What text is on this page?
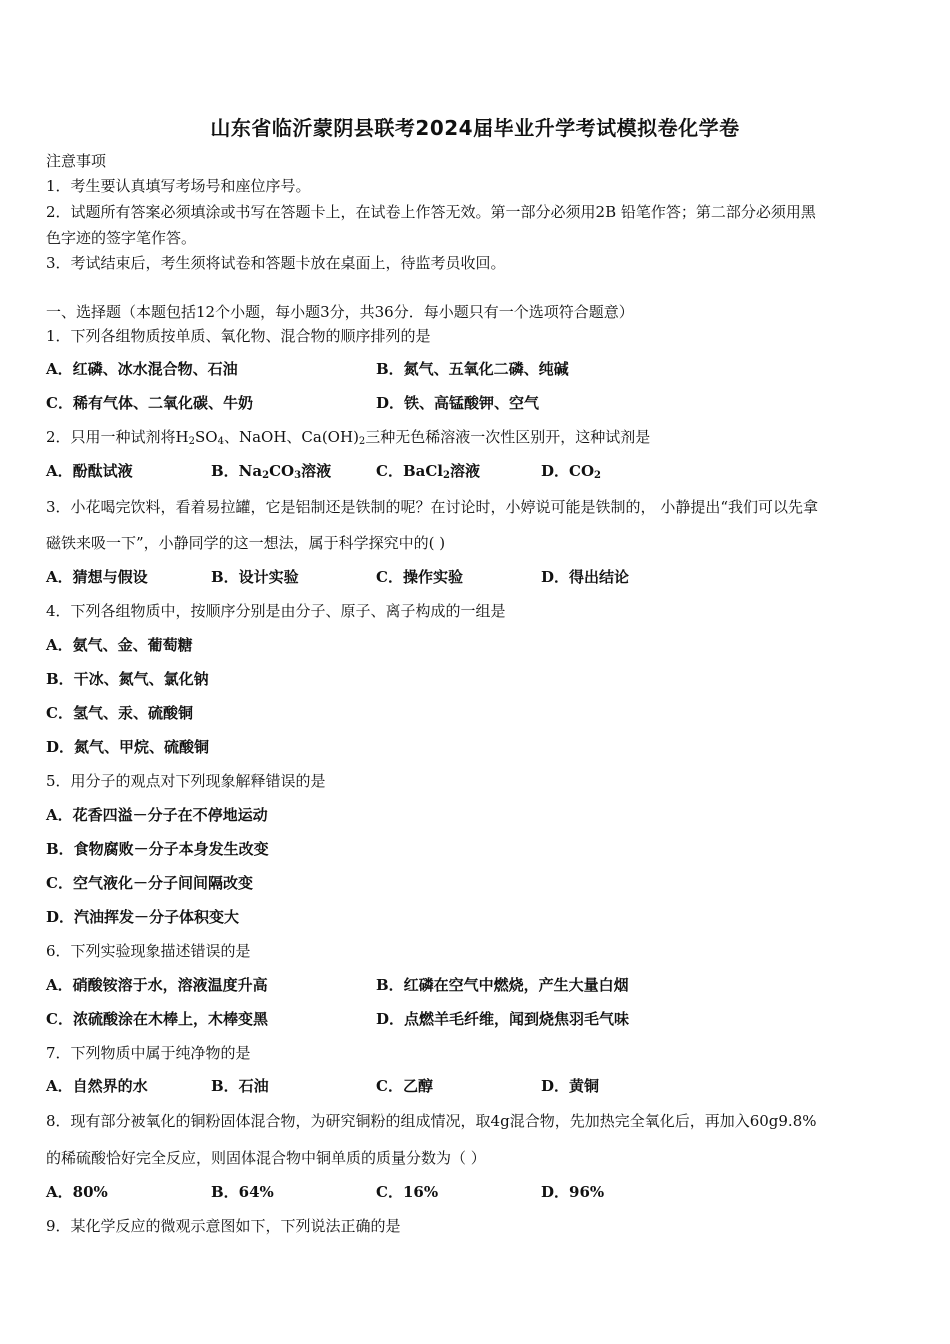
山东省临沂蒙阴县联考2024届毕业升学考试模拟卷化学卷
注意事项
1．考生要认真填写考场号和座位序号。
2．试题所有答案必须填涂或书写在答题卡上，在试卷上作答无效。第一部分必须用2B 铅笔作答；第二部分必须用黑
色字迹的签字笔作答。
3．考试结束后，考生须将试卷和答题卡放在桌面上，待监考员收回。
一、选择题（本题包括12个小题，每小题3分，共36分．每小题只有一个选项符合题意）
1．下列各组物质按单质、氧化物、混合物的顺序排列的是
A．红磷、冰水混合物、石油	B．氮气、五氧化二磷、纯碱
C．稀有气体、二氧化碳、牛奶	D．铁、高锰酸钾、空气
2．只用一种试剂将$H_2SO_4$、NaOH、$Ca(OH)_2$三种无色稀溶液一次性区别开，这种试剂是
A．酚酞试液	B．$Na_2CO_3$溶液	C．BaCl$_2$溶液	D．$CO_2$
3．小花喝完饮料，看着易拉罐，它是铝制还是铁制的呢？在讨论时，小婷说可能是铁制的， 小静提出“我们可以先拿
磁铁来吸一下”，小静同学的这一想法，属于科学探究中的( )
A．猜想与假设	B．设计实验	C．操作实验	D．得出结论
4．下列各组物质中，按顺序分别是由分子、原子、离子构成的一组是
A．氨气、金、葡萄糖
B．干冰、氮气、氯化钠
C．氢气、汞、硫酸铜
D．氮气、甲烷、硫酸铜
5．用分子的观点对下列现象解释错误的是
A．花香四溢－分子在不停地运动
B．食物腐败－分子本身发生改变
C．空气液化－分子间间隔改变
D．汽油挥发－分子体积变大
6．下列实验现象描述错误的是
A．硝酸铵溶于水，溶液温度升高	B．红磷在空气中燃烧，产生大量白烟
C．浓硫酸涂在木棒上，木棒变黑	D．点燃羊毛纤维，闻到烧焦羽毛气味
7．下列物质中属于纯净物的是
A．自然界的水	B．石油	C．乙醇	D．黄铜
8．现有部分被氧化的铜粉固体混合物，为研究铜粉的组成情况，取4g混合物，先加热完全氧化后，再加入60g9.8%
的稀硫酸恰好完全反应，则固体混合物中铜单质的质量分数为（ ）
A．80%	B．64%	C．16%	D．96%
9．某化学反应的微观示意图如下，下列说法正确的是
